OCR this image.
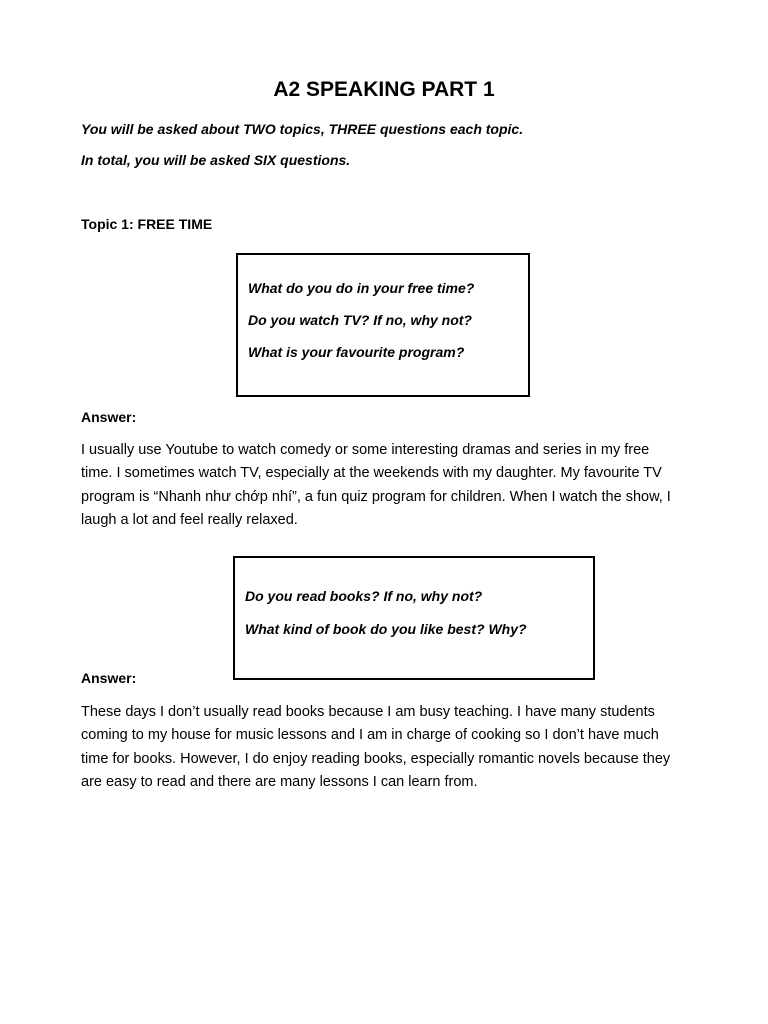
A2 SPEAKING PART 1

You will be asked about TWO topics, THREE questions each topic.

In total, you will be asked SIX questions.

Topic 1: FREE TIME

What do you do in your free time?

Do you watch TV? If no, why not?

What is your favourite program?

Answer:

I usually use Youtube to watch comedy or some interesting dramas and series in my free time. I sometimes watch TV, especially at the weekends with my daughter. My favourite TV program is “Nhanh như chớp nhí”, a fun quiz program for children. When I watch the show, I laugh a lot and feel really relaxed.

Do you read books? If no, why not?

What kind of book do you like best? Why?

Answer:

These days I don’t usually read books because I am busy teaching. I have many students coming to my house for music lessons and I am in charge of cooking so I don’t have much time for books. However, I do enjoy reading books, especially romantic novels because they are easy to read and there are many lessons I can learn from.
